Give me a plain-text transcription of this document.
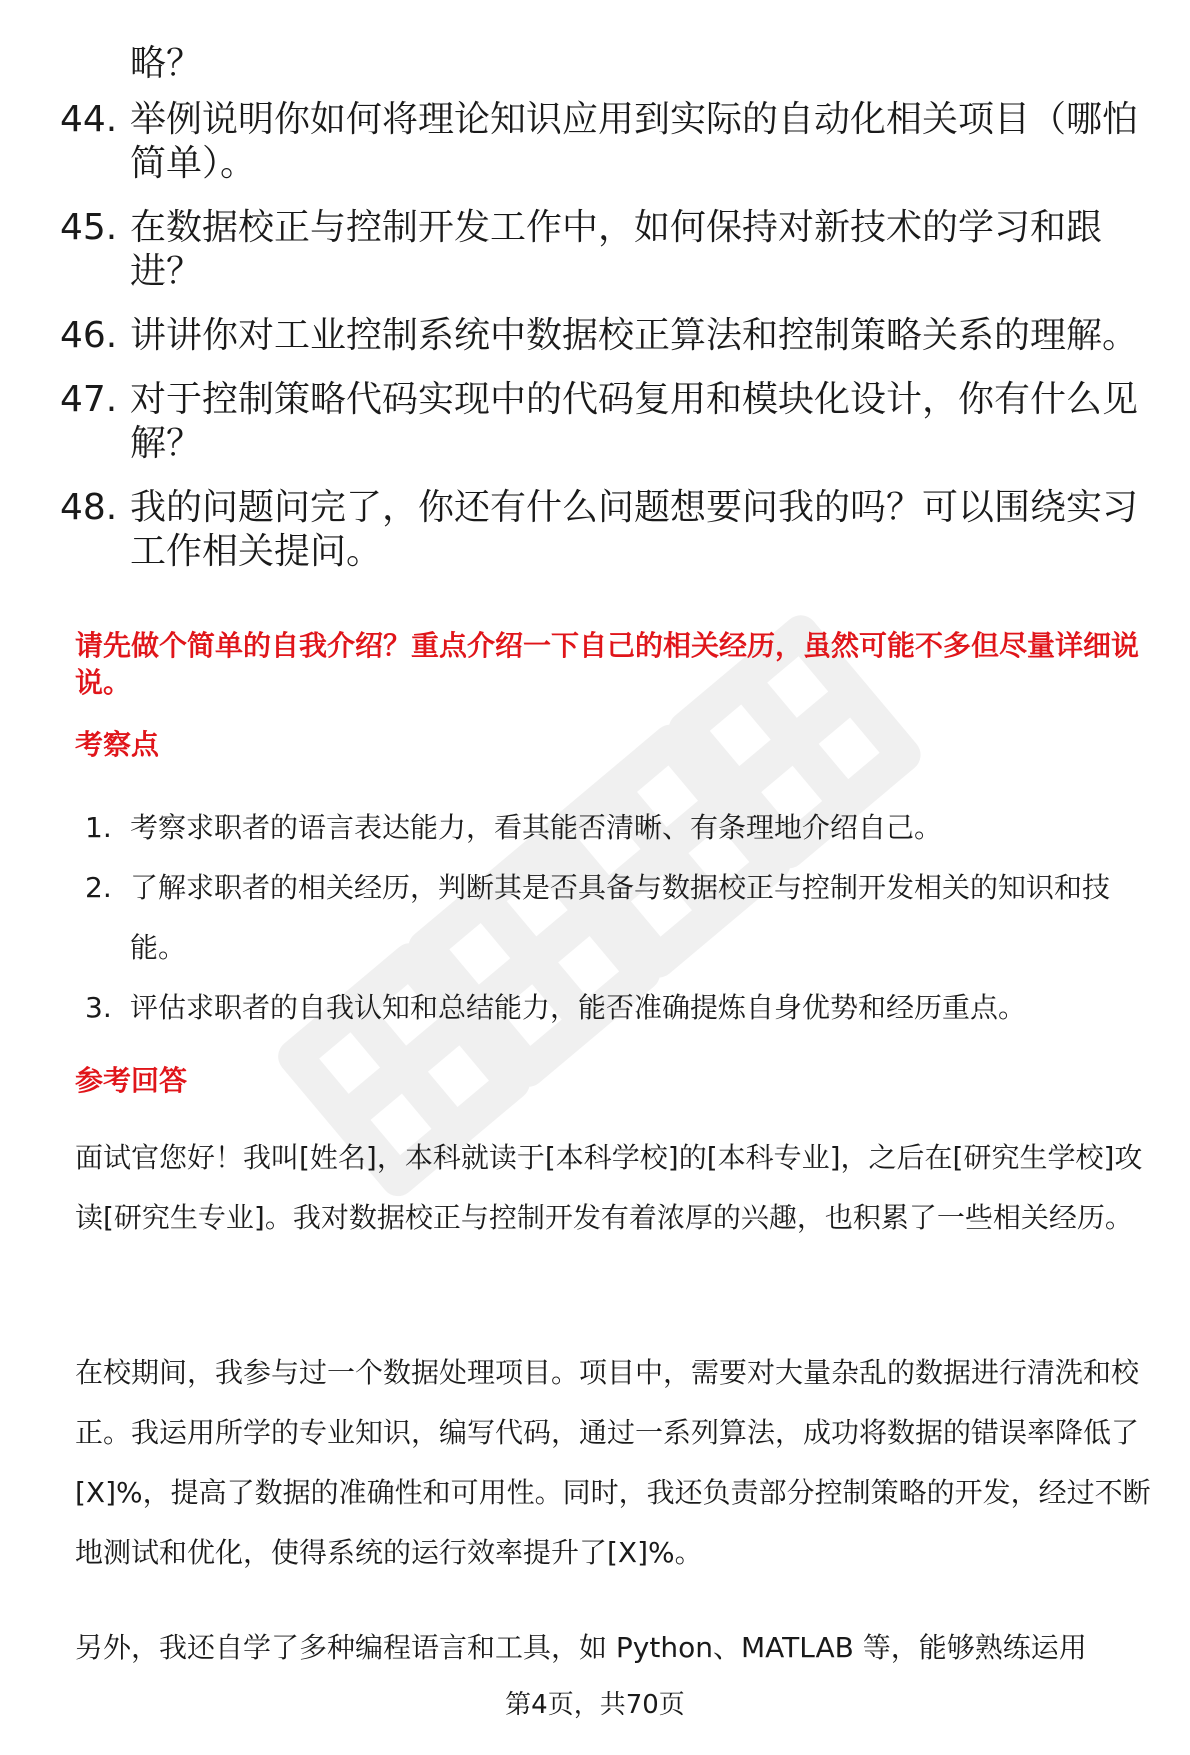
略？
44. 举例说明你如何将理论知识应用到实际的自动化相关项目（哪怕简单）。
45. 在数据校正与控制开发工作中，如何保持对新技术的学习和跟进？
46. 讲讲你对工业控制系统中数据校正算法和控制策略关系的理解。
47. 对于控制策略代码实现中的代码复用和模块化设计，你有什么见解？
48. 我的问题问完了，你还有什么问题想要问我的吗？可以围绕实习工作相关提问。
请先做个简单的自我介绍？重点介绍一下自己的相关经历，虽然可能不多但尽量详细说说。
考察点
1. 考察求职者的语言表达能力，看其能否清晰、有条理地介绍自己。
2. 了解求职者的相关经历，判断其是否具备与数据校正与控制开发相关的知识和技能。
3. 评估求职者的自我认知和总结能力，能否准确提炼自身优势和经历重点。
参考回答
面试官您好！我叫[姓名]，本科就读于[本科学校]的[本科专业]，之后在[研究生学校]攻读[研究生专业]。我对数据校正与控制开发有着浓厚的兴趣，也积累了一些相关经历。
在校期间，我参与过一个数据处理项目。项目中，需要对大量杂乱的数据进行清洗和校正。我运用所学的专业知识，编写代码，通过一系列算法，成功将数据的错误率降低了[X]%，提高了数据的准确性和可用性。同时，我还负责部分控制策略的开发，经过不断地测试和优化，使得系统的运行效率提升了[X]%。
另外，我还自学了多种编程语言和工具，如 Python、MATLAB 等，能够熟练运用
第4页，共70页
